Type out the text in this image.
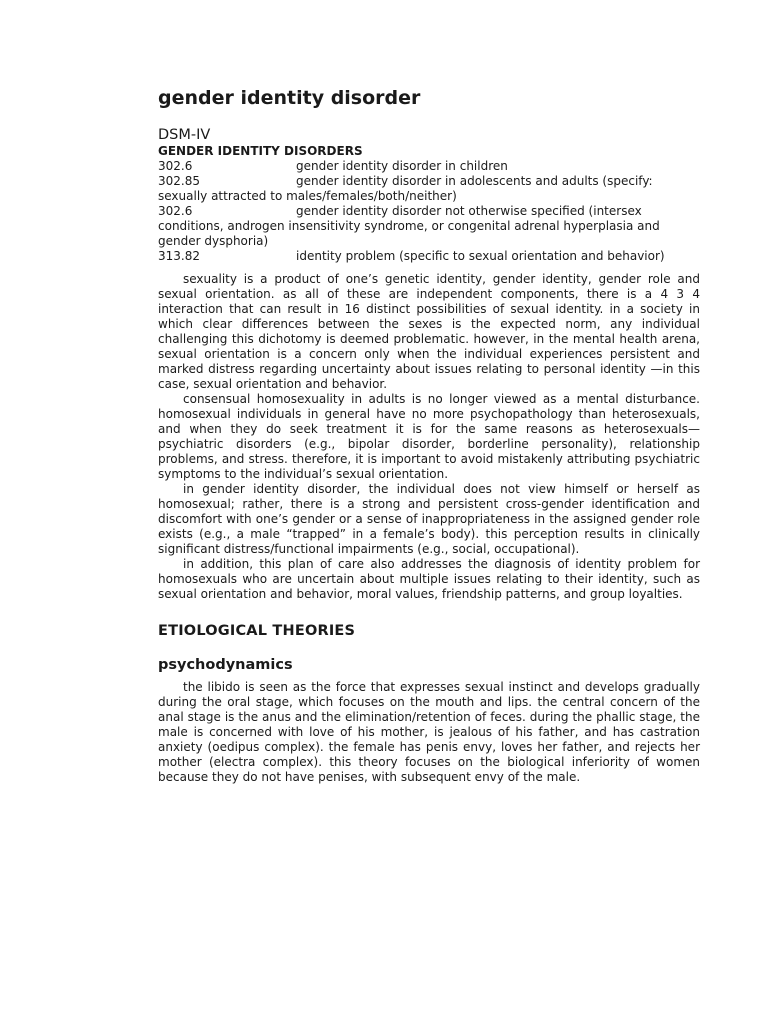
gender identity disorder
DSM-IV
GENDER IDENTITY DISORDERS
302.6	gender identity disorder in children
302.85	gender identity disorder in adolescents and adults (specify: sexually attracted to males/females/both/neither)
302.6	gender identity disorder not otherwise specified (intersex conditions, androgen insensitivity syndrome, or congenital adrenal hyperplasia and gender dysphoria)
313.82	identity problem (specific to sexual orientation and behavior)

sexuality is a product of one’s genetic identity, gender identity, gender role and sexual orientation. as all of these are independent components, there is a 4 3 4 interaction that can result in 16 distinct possibilities of sexual identity. in a society in which clear differences between the sexes is the expected norm, any individual challenging this dichotomy is deemed problematic. however, in the mental health arena, sexual orientation is a concern only when the individual experiences persistent and marked distress regarding uncertainty about issues relating to personal identity —in this case, sexual orientation and behavior.

consensual homosexuality in adults is no longer viewed as a mental disturbance. homosexual individuals in general have no more psychopathology than heterosexuals, and when they do seek treatment it is for the same reasons as heterosexuals—psychiatric disorders (e.g., bipolar disorder, borderline personality), relationship problems, and stress. therefore, it is important to avoid mistakenly attributing psychiatric symptoms to the individual’s sexual orientation.

in gender identity disorder, the individual does not view himself or herself as homosexual; rather, there is a strong and persistent cross-gender identification and discomfort with one’s gender or a sense of inappropriateness in the assigned gender role exists (e.g., a male “trapped” in a female’s body). this perception results in clinically significant distress/functional impairments (e.g., social, occupational).

in addition, this plan of care also addresses the diagnosis of identity problem for homosexuals who are uncertain about multiple issues relating to their identity, such as sexual orientation and behavior, moral values, friendship patterns, and group loyalties.

ETIOLOGICAL THEORIES
psychodynamics

the libido is seen as the force that expresses sexual instinct and develops gradually during the oral stage, which focuses on the mouth and lips. the central concern of the anal stage is the anus and the elimination/retention of feces. during the phallic stage, the male is concerned with love of his mother, is jealous of his father, and has castration anxiety (oedipus complex). the female has penis envy, loves her father, and rejects her mother (electra complex). this theory focuses on the biological inferiority of women because they do not have penises, with subsequent envy of the male.
